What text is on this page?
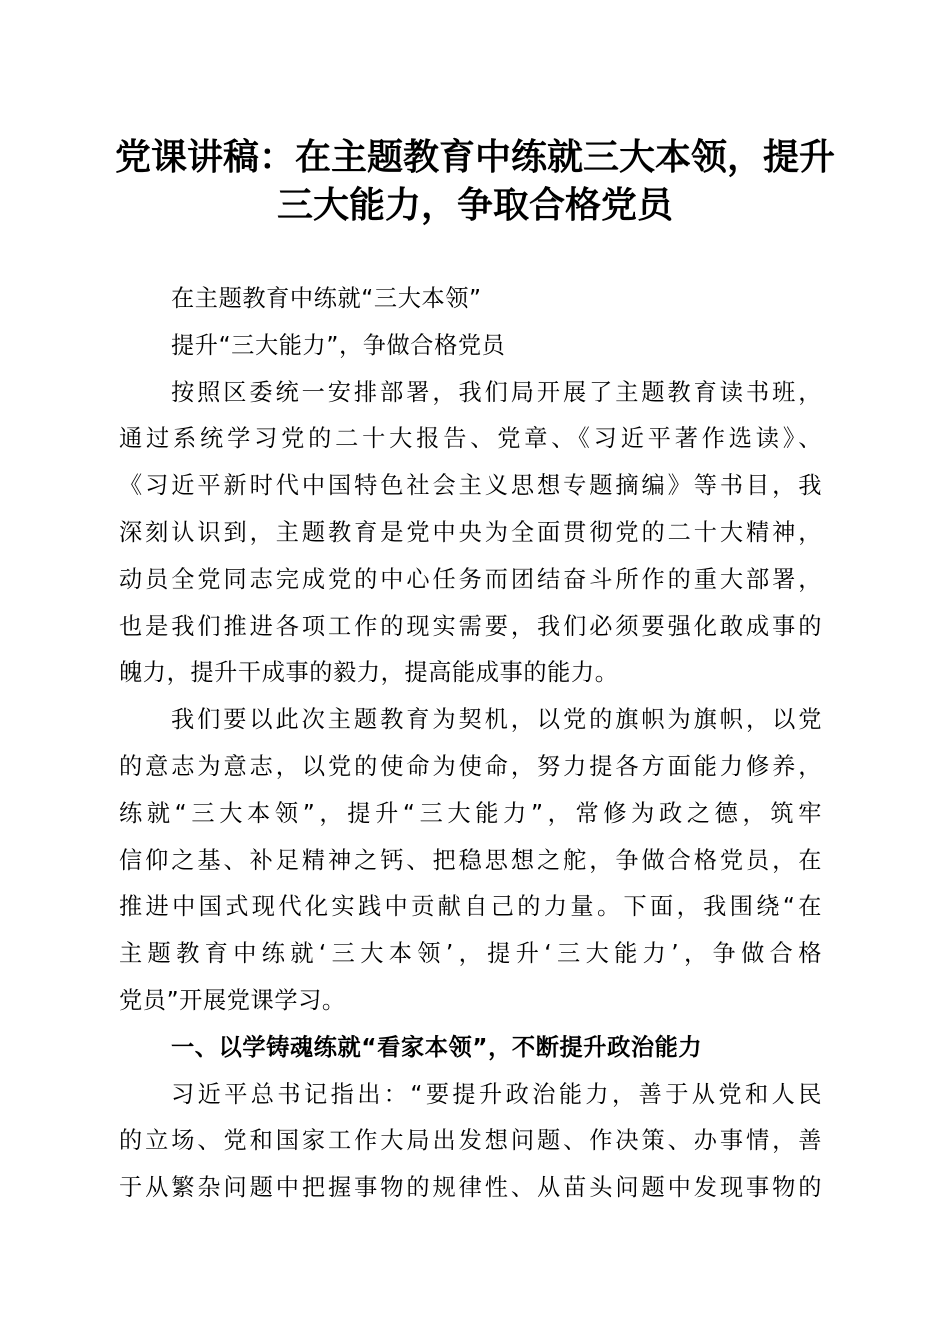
党课讲稿：在主题教育中练就三大本领，提升
三大能力，争取合格党员
在主题教育中练就“三大本领”
提升“三大能力”，争做合格党员
按照区委统一安排部署，我们局开展了主题教育读书班，
通过系统学习党的二十大报告、党章、《习近平著作选读》、
《习近平新时代中国特色社会主义思想专题摘编》等书目，我
深刻认识到，主题教育是党中央为全面贯彻党的二十大精神，
动员全党同志完成党的中心任务而团结奋斗所作的重大部署，
也是我们推进各项工作的现实需要，我们必须要强化敢成事的
魄力，提升干成事的毅力，提高能成事的能力。
我们要以此次主题教育为契机，以党的旗帜为旗帜，以党
的意志为意志，以党的使命为使命，努力提各方面能力修养，
练就“三大本领”，提升“三大能力”，常修为政之德，筑牢
信仰之基、补足精神之钙、把稳思想之舵，争做合格党员，在
推进中国式现代化实践中贡献自己的力量。下面，我围绕“在
主题教育中练就‘三大本领’，提升‘三大能力’，争做合格
党员”开展党课学习。
一、以学铸魂练就“看家本领”，不断提升政治能力
习近平总书记指出：“要提升政治能力，善于从党和人民
的立场、党和国家工作大局出发想问题、作决策、办事情，善
于从繁杂问题中把握事物的规律性、从苗头问题中发现事物的
